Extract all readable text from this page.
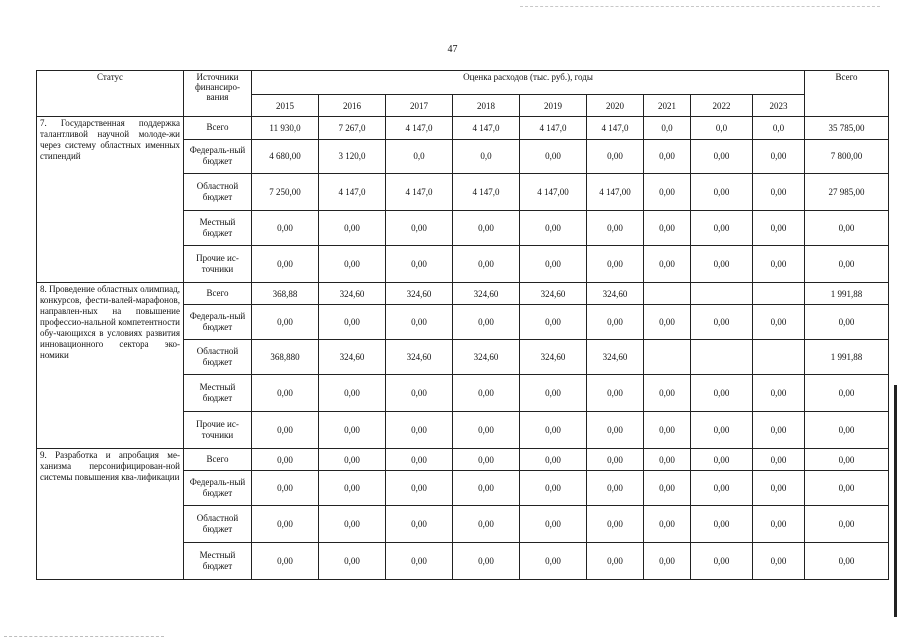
47
Статус	Источники финансиро-вания	Оценка расходов (тыс. руб.), годы									Всего
		2015	2016	2017	2018	2019	2020	2021	2022	2023	
7. Государственная поддержка талантливой научной молоде-жи через систему областных именных стипендий	Всего	11 930,0	7 267,0	4 147,0	4 147,0	4 147,0	4 147,0	0,0	0,0	0,0	35 785,00
	Федераль-ный бюджет	4 680,00	3 120,0	0,0	0,0	0,00	0,00	0,00	0,00	0,00	7 800,00
	Областной бюджет	7 250,00	4 147,0	4 147,0	4 147,0	4 147,00	4 147,00	0,00	0,00	0,00	27 985,00
	Местный бюджет	0,00	0,00	0,00	0,00	0,00	0,00	0,00	0,00	0,00	0,00
	Прочие ис-точники	0,00	0,00	0,00	0,00	0,00	0,00	0,00	0,00	0,00	0,00
8. Проведение областных олимпиад, конкурсов, фести-валей-марафонов, направлен-ных на повышение профессио-нальной компетентности обу-чающихся в условиях развития инновационного сектора эко-номики	Всего	368,88	324,60	324,60	324,60	324,60	324,60				1 991,88
	Федераль-ный бюджет	0,00	0,00	0,00	0,00	0,00	0,00	0,00	0,00	0,00	0,00
	Областной бюджет	368,880	324,60	324,60	324,60	324,60	324,60				1 991,88
	Местный бюджет	0,00	0,00	0,00	0,00	0,00	0,00	0,00	0,00	0,00	0,00
	Прочие ис-точники	0,00	0,00	0,00	0,00	0,00	0,00	0,00	0,00	0,00	0,00
9. Разработка и апробация ме-ханизма персонифицирован-ной системы повышения ква-лификации	Всего	0,00	0,00	0,00	0,00	0,00	0,00	0,00	0,00	0,00	0,00
	Федераль-ный бюджет	0,00	0,00	0,00	0,00	0,00	0,00	0,00	0,00	0,00	0,00
	Областной бюджет	0,00	0,00	0,00	0,00	0,00	0,00	0,00	0,00	0,00	0,00
	Местный бюджет	0,00	0,00	0,00	0,00	0,00	0,00	0,00	0,00	0,00	0,00
